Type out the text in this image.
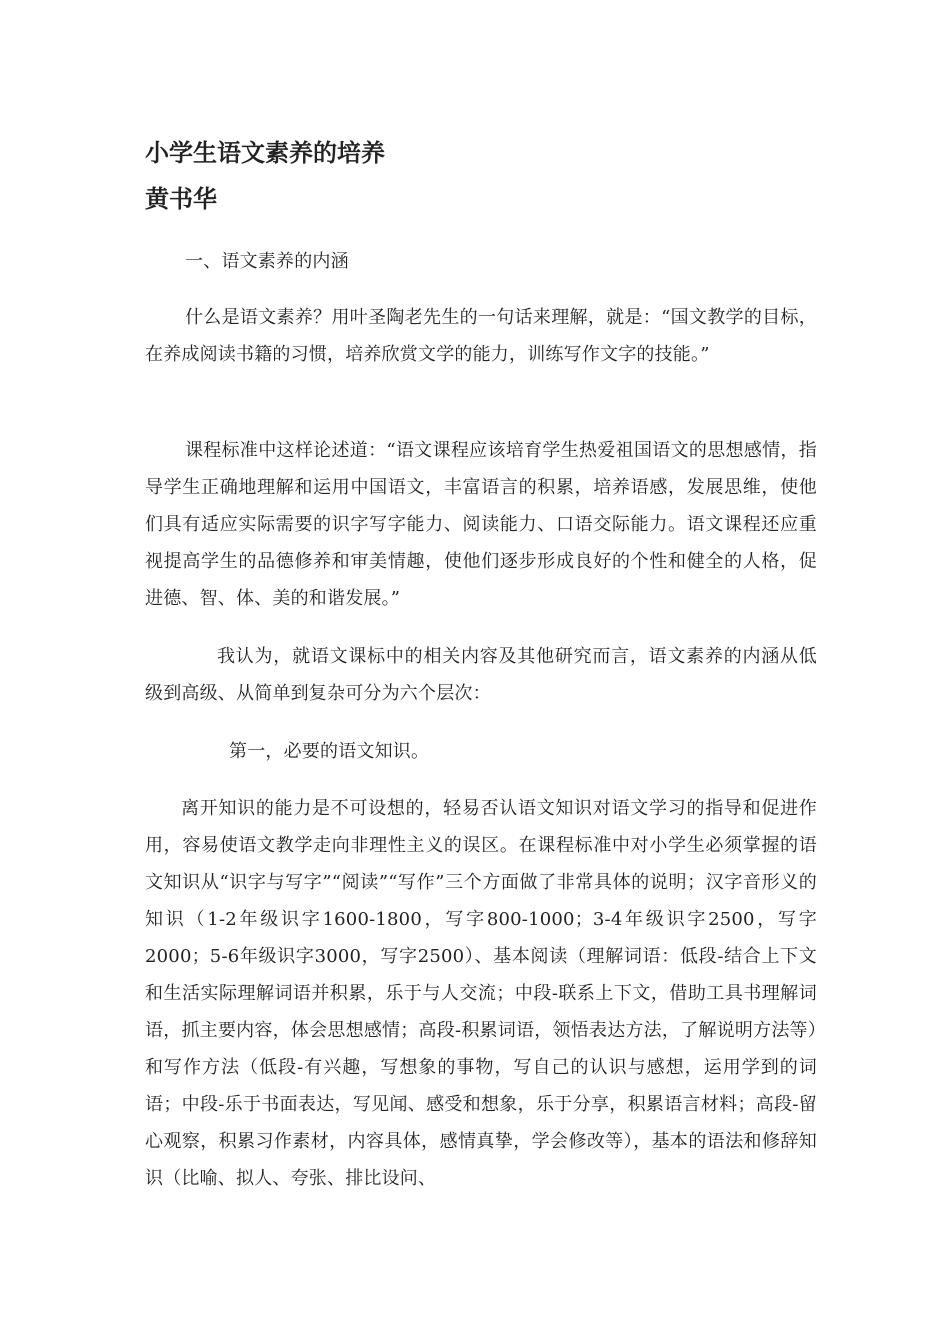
小学生语文素养的培养
黄书华

一、语文素养的内涵

什么是语文素养？用叶圣陶老先生的一句话来理解，就是：“国文教学的目标，在养成阅读书籍的习惯，培养欣赏文学的能力，训练写作文字的技能。”

课程标准中这样论述道：“语文课程应该培育学生热爱祖国语文的思想感情，指导学生正确地理解和运用中国语文，丰富语言的积累，培养语感，发展思维，使他们具有适应实际需要的识字写字能力、阅读能力、口语交际能力。语文课程还应重视提高学生的品德修养和审美情趣，使他们逐步形成良好的个性和健全的人格，促进德、智、体、美的和谐发展。”

我认为，就语文课标中的相关内容及其他研究而言，语文素养的内涵从低级到高级、从简单到复杂可分为六个层次：

第一，必要的语文知识。

离开知识的能力是不可设想的，轻易否认语文知识对语文学习的指导和促进作用，容易使语文教学走向非理性主义的误区。在课程标准中对小学生必须掌握的语文知识从“识字与写字”“阅读”“写作”三个方面做了非常具体的说明；汉字音形义的知识（1-2年级识字1600-1800，写字800-1000；3-4年级识字2500，写字2000；5-6年级识字3000，写字2500）、基本阅读（理解词语：低段-结合上下文和生活实际理解词语并积累，乐于与人交流；中段-联系上下文，借助工具书理解词语，抓主要内容，体会思想感情；高段-积累词语，领悟表达方法，了解说明方法等）和写作方法（低段-有兴趣，写想象的事物，写自己的认识与感想，运用学到的词语；中段-乐于书面表达，写见闻、感受和想象，乐于分享，积累语言材料；高段-留心观察，积累习作素材，内容具体，感情真挚，学会修改等），基本的语法和修辞知识（比喻、拟人、夸张、排比设问、
